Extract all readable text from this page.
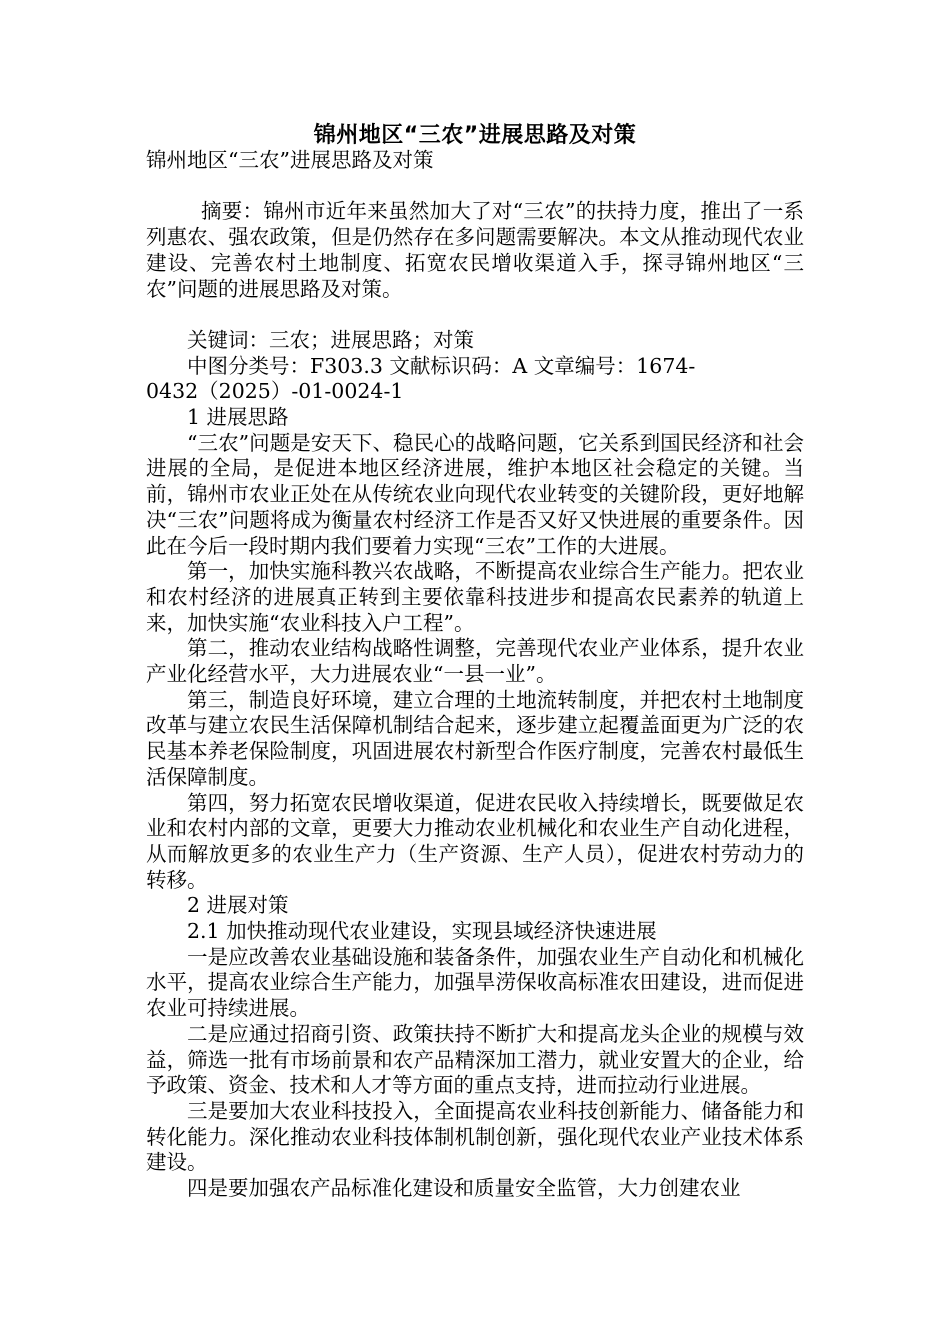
锦州地区“三农”进展思路及对策

锦州地区“三农”进展思路及对策

摘要：锦州市近年来虽然加大了对“三农”的扶持力度，推出了一系列惠农、强农政策，但是仍然存在多问题需要解决。本文从推动现代农业建设、完善农村土地制度、拓宽农民增收渠道入手，探寻锦州地区“三农”问题的进展思路及对策。

关键词：三农；进展思路；对策

中图分类号：F303.3 文献标识码：A 文章编号：1674-

0432（2025）-01-0024-1

1 进展思路

“三农”问题是安天下、稳民心的战略问题，它关系到国民经济和社会进展的全局，是促进本地区经济进展，维护本地区社会稳定的关键。当前，锦州市农业正处在从传统农业向现代农业转变的关键阶段，更好地解决“三农”问题将成为衡量农村经济工作是否又好又快进展的重要条件。因此在今后一段时期内我们要着力实现“三农”工作的大进展。

第一，加快实施科教兴农战略，不断提高农业综合生产能力。把农业和农村经济的进展真正转到主要依靠科技进步和提高农民素养的轨道上来，加快实施“农业科技入户工程”。

第二，推动农业结构战略性调整，完善现代农业产业体系，提升农业产业化经营水平，大力进展农业“一县一业”。

第三，制造良好环境，建立合理的土地流转制度，并把农村土地制度改革与建立农民生活保障机制结合起来，逐步建立起覆盖面更为广泛的农民基本养老保险制度，巩固进展农村新型合作医疗制度，完善农村最低生活保障制度。

第四，努力拓宽农民增收渠道，促进农民收入持续增长，既要做足农业和农村内部的文章，更要大力推动农业机械化和农业生产自动化进程，从而解放更多的农业生产力（生产资源、生产人员），促进农村劳动力的转移。

2 进展对策

2.1 加快推动现代农业建设，实现县域经济快速进展

一是应改善农业基础设施和装备条件，加强农业生产自动化和机械化水平，提高农业综合生产能力，加强旱涝保收高标准农田建设，进而促进农业可持续进展。

二是应通过招商引资、政策扶持不断扩大和提高龙头企业的规模与效益，筛选一批有市场前景和农产品精深加工潜力，就业安置大的企业，给予政策、资金、技术和人才等方面的重点支持，进而拉动行业进展。

三是要加大农业科技投入，全面提高农业科技创新能力、储备能力和转化能力。深化推动农业科技体制机制创新，强化现代农业产业技术体系建设。

四是要加强农产品标准化建设和质量安全监管，大力创建农业
